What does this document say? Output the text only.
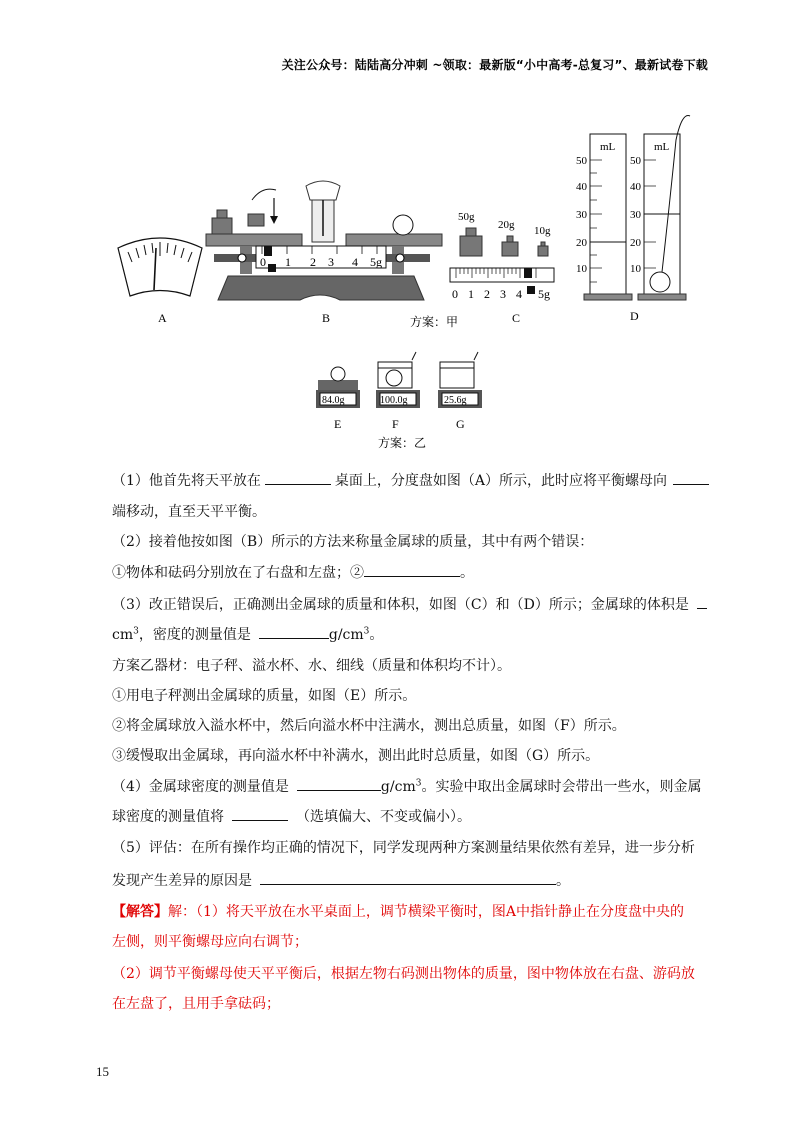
关注公众号：陆陆高分冲刺 ~领取：最新版“小中高考-总复习”、最新试卷下载
A
0 1 2 3 4 5g
B	方案：甲
50g
20g 10g
0 1 2 3 4 5g
C
mL
50
40
30
20
10
mL
50
40
30
20
10
D
84.0g	100.0g	25.6g
E	F	G
方案：乙
（1）他首先将天平放在	桌面上，分度盘如图（A）所示，此时应将平衡螺母向
端移动，直至天平平衡。
（2）接着他按如图（B）所示的方法来称量金属球的质量，其中有两个错误：
①物体和砝码分别放在了右盘和左盘；②	。
（3）改正错误后，正确测出金属球的质量和体积，如图（C）和（D）所示；金属球的体积是
$cm^3$，密度的测量值是	$g/cm^3$。
方案乙器材：电子秤、溢水杯、水、细线（质量和体积均不计）。
①用电子秤测出金属球的质量，如图（E）所示。
②将金属球放入溢水杯中，然后向溢水杯中注满水，测出总质量，如图（F）所示。
③缓慢取出金属球，再向溢水杯中补满水，测出此时总质量，如图（G）所示。
（4）金属球密度的测量值是	$g/cm^3$。实验中取出金属球时会带出一些水，则金属
球密度的测量值将	（选填偏大、不变或偏小）。
（5）评估：在所有操作均正确的情况下，同学发现两种方案测量结果依然有差异，进一步分析
发现产生差异的原因是	。
【解答】解：（1）将天平放在水平桌面上，调节横梁平衡时，图A中指针静止在分度盘中央的
左侧，则平衡螺母应向右调节；
（2）调节平衡螺母使天平平衡后，根据左物右码测出物体的质量，图中物体放在右盘、游码放
在左盘了，且用手拿砝码；
15
